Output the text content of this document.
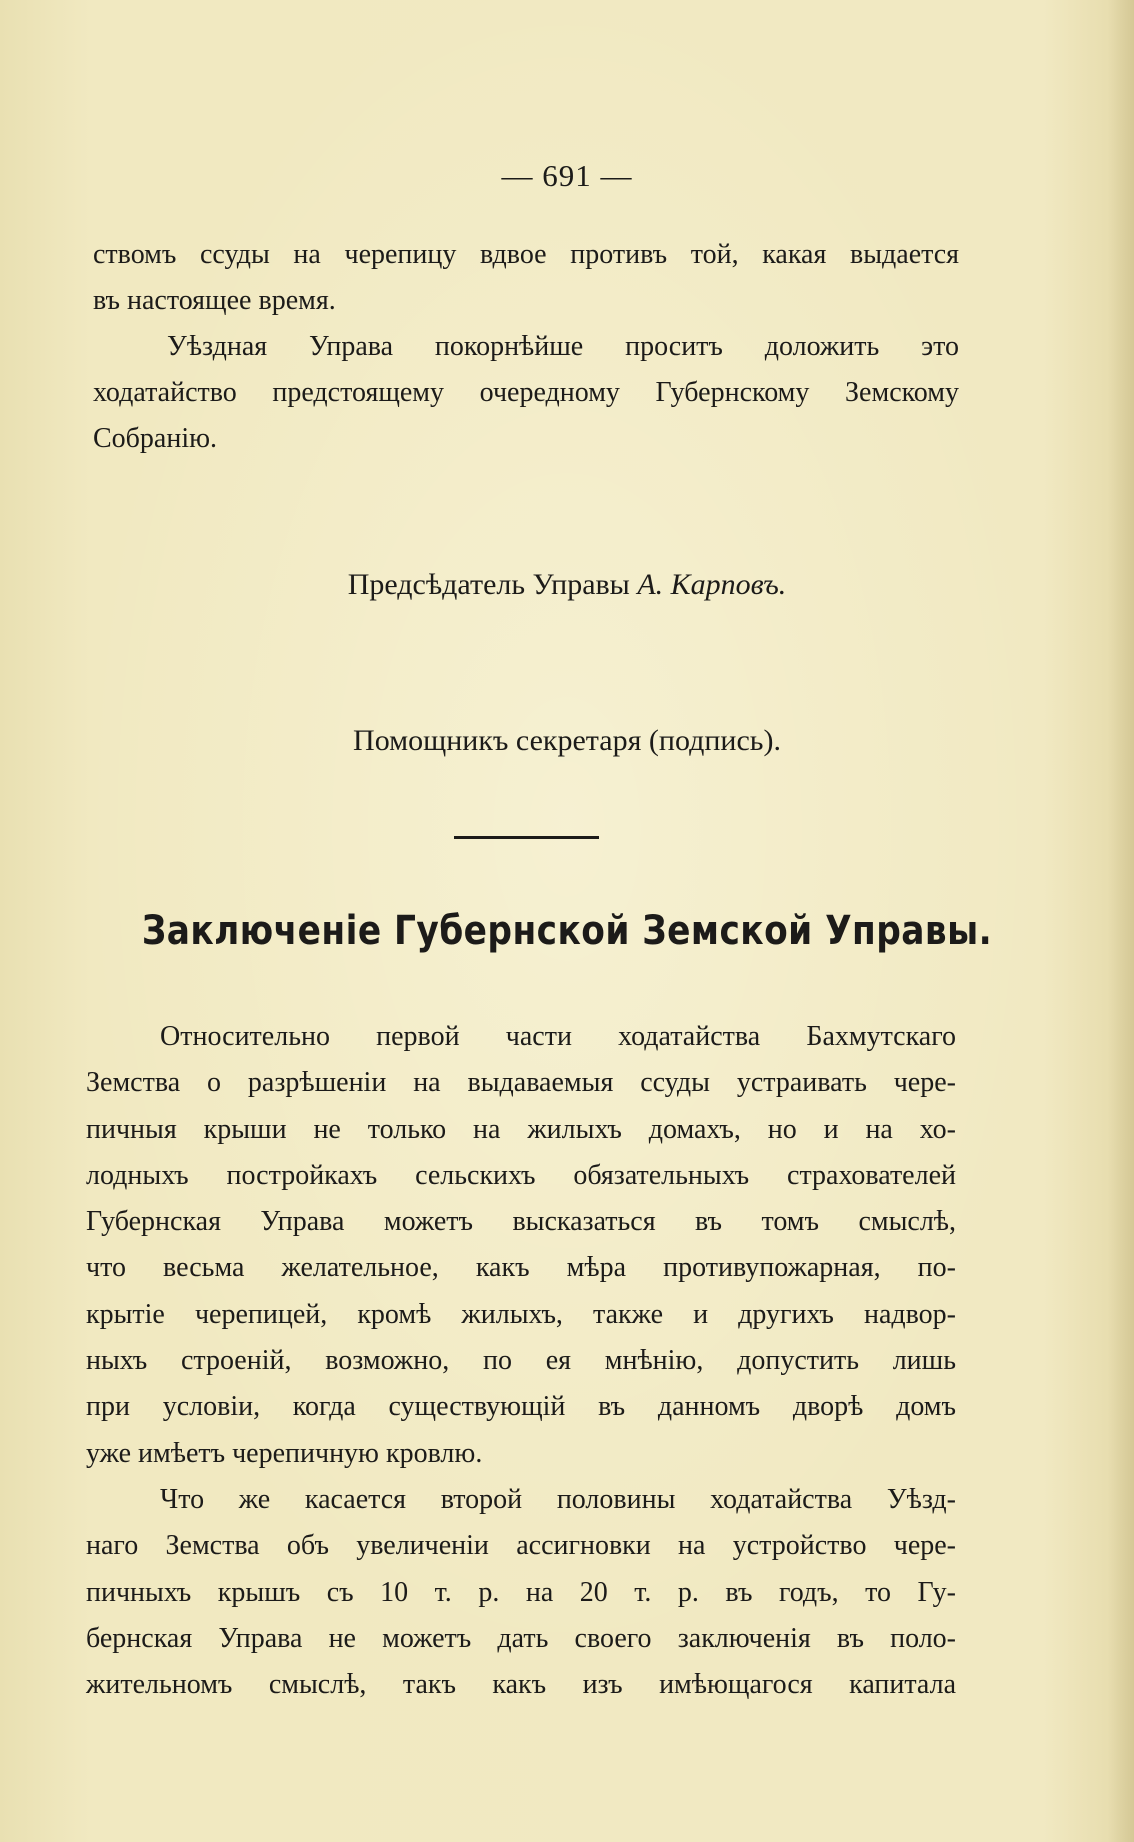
— 691 —
ствомъ ссуды на черепицу вдвое противъ той, какая выдается
въ настоящее время.
Уѣздная Управа покорнѣйше проситъ доложить это
ходатайство предстоящему очередному Губернскому Земскому
Собранію.
Предсѣдатель Управы А. Карповъ.
Помощникъ секретаря (подпись).
Заключеніе Губернской Земской Управы.
Относительно первой части ходатайства Бахмутскаго
Земства о разрѣшеніи на выдаваемыя ссуды устраивать чере-
пичныя крыши не только на жилыхъ домахъ, но и на хо-
лодныхъ постройкахъ сельскихъ обязательныхъ страхователей
Губернская Управа можетъ высказаться въ томъ смыслѣ,
что весьма желательное, какъ мѣра противупожарная, по-
крытіе черепицей, кромѣ жилыхъ, также и другихъ надвор-
ныхъ строеній, возможно, по ея мнѣнію, допустить лишь
при условіи, когда существующій въ данномъ дворѣ домъ
уже имѣетъ черепичную кровлю.
Что же касается второй половины ходатайства Уѣзд-
наго Земства объ увеличеніи ассигновки на устройство чере-
пичныхъ крышъ съ 10 т. р. на 20 т. р. въ годъ, то Гу-
бернская Управа не можетъ дать своего заключенія въ поло-
жительномъ смыслѣ, такъ какъ изъ имѣющагося капитала
